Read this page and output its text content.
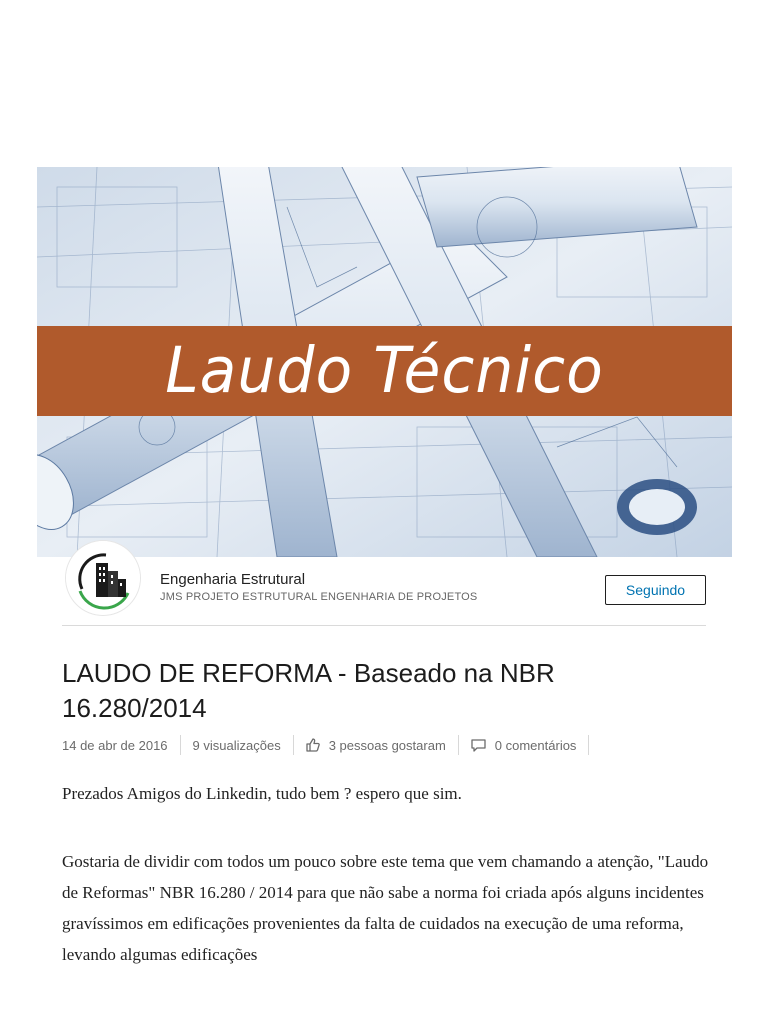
Laudo Técnico
Engenharia Estrutural
JMS PROJETO ESTRUTURAL ENGENHARIA DE PROJETOS	Seguindo
LAUDO DE REFORMA - Baseado na NBR 16.280/2014
14 de abr de 2016 9 visualizações	3 pessoas gostaram	0 comentários

Prezados Amigos do Linkedin, tudo bem ? espero que sim.

Gostaria de dividir com todos um pouco sobre este tema que vem chamando a atenção, "Laudo de Reformas" NBR 16.280 / 2014 para que não sabe a norma foi criada após alguns incidentes gravíssimos em edificações provenientes da falta de cuidados na execução de uma reforma, levando algumas edificações
